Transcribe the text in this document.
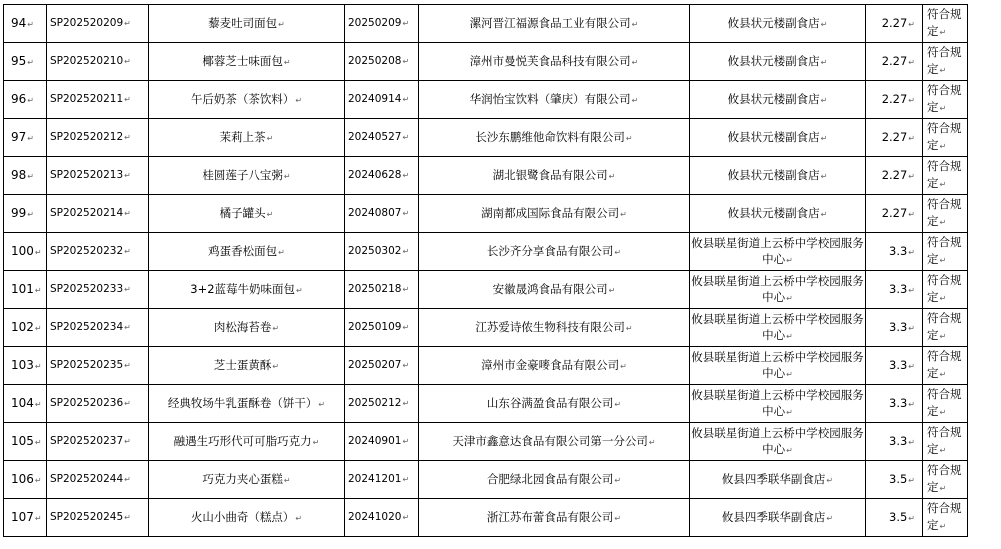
94↵	SP202520209↵	藜麦吐司面包↵	20250209↵	漯河晋江福源食品工业有限公司↵	攸县状元楼副食店↵	2.27↵	符合规定↵
95↵	SP202520210↵	椰蓉芝士味面包↵	20250208↵	漳州市曼悦芙食品科技有限公司↵	攸县状元楼副食店↵	2.27↵	符合规定↵
96↵	SP202520211↵	午后奶茶（茶饮料）↵	20240914↵	华润怡宝饮料（肇庆）有限公司↵	攸县状元楼副食店↵	2.27↵	符合规定↵
97↵	SP202520212↵	茉莉上茶↵	20240527↵	长沙东鹏维他命饮料有限公司↵	攸县状元楼副食店↵	2.27↵	符合规定↵
98↵	SP202520213↵	桂圆莲子八宝粥↵	20240628↵	湖北银鹭食品有限公司↵	攸县状元楼副食店↵	2.27↵	符合规定↵
99↵	SP202520214↵	橘子罐头↵	20240807↵	湖南都成国际食品有限公司↵	攸县状元楼副食店↵	2.27↵	符合规定↵
100↵	SP202520232↵	鸡蛋香松面包↵	20250302↵	长沙齐分享食品有限公司↵	攸县联星街道上云桥中学校园服务中心↵	3.3↵	符合规定↵
101↵	SP202520233↵	3+2蓝莓牛奶味面包↵	20250218↵	安徽晟鸿食品有限公司↵	攸县联星街道上云桥中学校园服务中心↵	3.3↵	符合规定↵
102↵	SP202520234↵	肉松海苔卷↵	20250109↵	江苏爱诗侬生物科技有限公司↵	攸县联星街道上云桥中学校园服务中心↵	3.3↵	符合规定↵
103↵	SP202520235↵	芝士蛋黄酥↵	20250207↵	漳州市金豪嘜食品有限公司↵	攸县联星街道上云桥中学校园服务中心↵	3.3↵	符合规定↵
104↵	SP202520236↵	经典牧场牛乳蛋酥卷（饼干）↵	20250212↵	山东谷满盈食品有限公司↵	攸县联星街道上云桥中学校园服务中心↵	3.3↵	符合规定↵
105↵	SP202520237↵	融遇生巧形代可可脂巧克力↵	20240901↵	天津市鑫意达食品有限公司第一分公司↵	攸县联星街道上云桥中学校园服务中心↵	3.3↵	符合规定↵
106↵	SP202520244↵	巧克力夹心蛋糕↵	20241201↵	合肥绿北园食品有限公司↵	攸县四季联华副食店↵	3.5↵	符合规定↵
107↵	SP202520245↵	火山小曲奇（糕点）↵	20241020↵	浙江苏布蕾食品有限公司↵	攸县四季联华副食店↵	3.5↵	符合规定↵
